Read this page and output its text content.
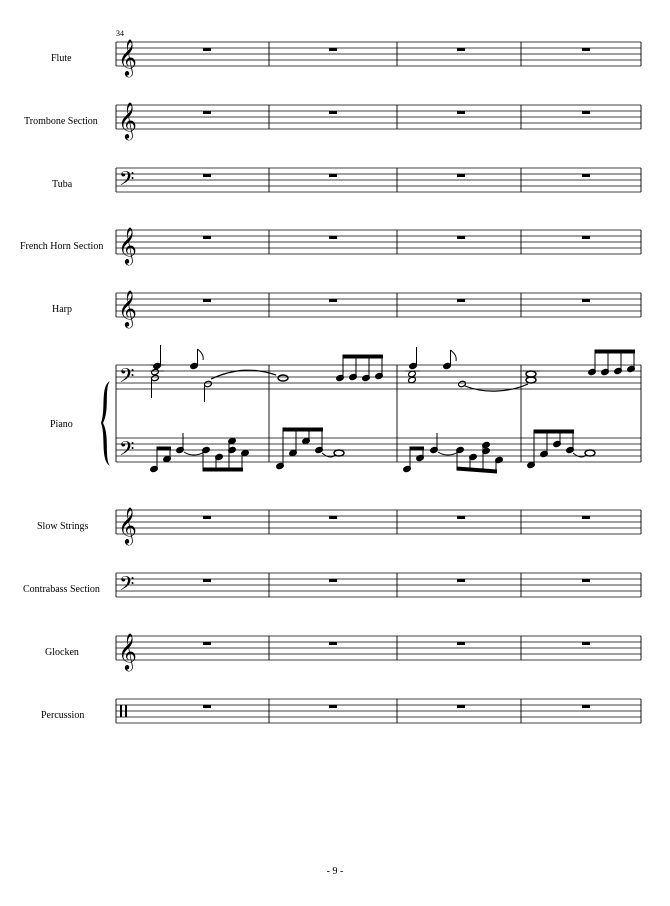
Flute
Trombone Section
Tuba
French Horn Section
Harp
Piano
Slow Strings
Contrabass Section
Glocken
Percussion
34
- 9 -
𝄞
𝄞
𝄢
𝄞
𝄞
𝄢
𝄢
𝄞
𝄢
𝄞
